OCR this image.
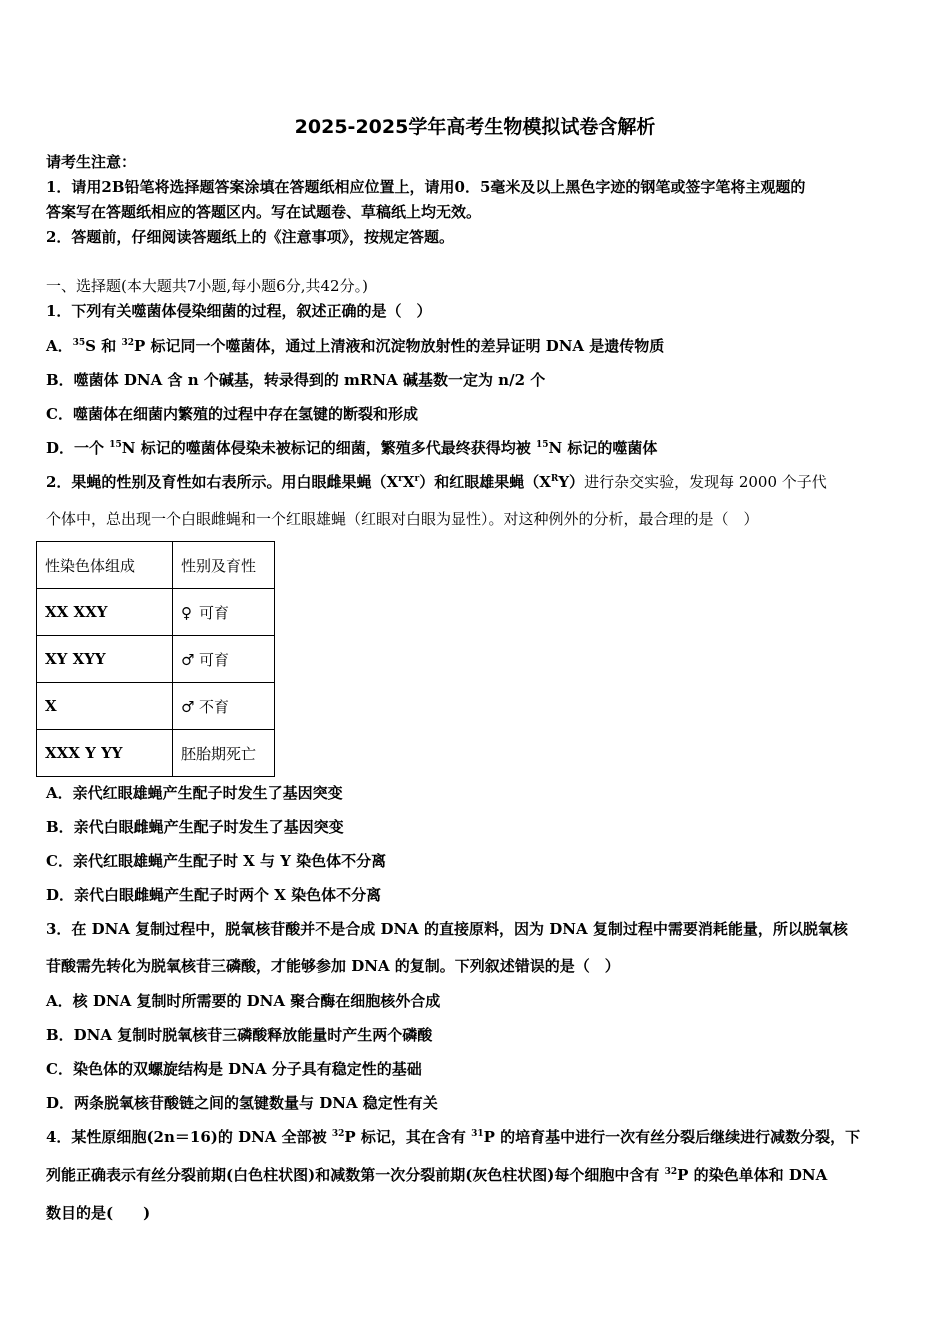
2025-2025学年高考生物模拟试卷含解析
请考生注意：
1．请用2B铅笔将选择题答案涂填在答题纸相应位置上，请用0．5毫米及以上黑色字迹的钢笔或签字笔将主观题的
答案写在答题纸相应的答题区内。写在试题卷、草稿纸上均无效。
2．答题前，仔细阅读答题纸上的《注意事项》，按规定答题。
一、选择题(本大题共7小题,每小题6分,共42分。)
1．下列有关噬菌体侵染细菌的过程，叙述正确的是（　）
A．$^{35}$S 和 $^{32}$P 标记同一个噬菌体，通过上清液和沉淀物放射性的差异证明 DNA 是遗传物质
B．噬菌体 DNA 含 n 个碱基，转录得到的 mRNA 碱基数一定为 n/2 个
C．噬菌体在细菌内繁殖的过程中存在氢键的断裂和形成
D．一个 $^{15}$N 标记的噬菌体侵染未被标记的细菌，繁殖多代最终获得均被 $^{15}$N 标记的噬菌体
2．果蝇的性别及育性如右表所示。用白眼雌果蝇$(X^rX^r)$和红眼雄果蝇$(X^RY)$进行杂交实验，发现每 2000 个子代
个体中，总出现一个白眼雌蝇和一个红眼雄蝇（红眼对白眼为显性）。对这种例外的分析，最合理的是（　）
性染色体组成	性别及育性
XX XXY	♀ 可育
XY XYY	♂ 可育
X	♂ 不育
XXX Y YY	胚胎期死亡
A．亲代红眼雄蝇产生配子时发生了基因突变
B．亲代白眼雌蝇产生配子时发生了基因突变
C．亲代红眼雄蝇产生配子时 X 与 Y 染色体不分离
D．亲代白眼雌蝇产生配子时两个 X 染色体不分离
3．在 DNA 复制过程中，脱氧核苷酸并不是合成 DNA 的直接原料，因为 DNA 复制过程中需要消耗能量，所以脱氧核
苷酸需先转化为脱氧核苷三磷酸，才能够参加 DNA 的复制。下列叙述错误的是（　）
A．核 DNA 复制时所需要的 DNA 聚合酶在细胞核外合成
B．DNA 复制时脱氧核苷三磷酸释放能量时产生两个磷酸
C．染色体的双螺旋结构是 DNA 分子具有稳定性的基础
D．两条脱氧核苷酸链之间的氢键数量与 DNA 稳定性有关
4．某性原细胞(2n＝16)的 DNA 全部被 $^{32}$P 标记，其在含有 $^{31}$P 的培育基中进行一次有丝分裂后继续进行减数分裂，下
列能正确表示有丝分裂前期(白色柱状图)和减数第一次分裂前期(灰色柱状图)每个细胞中含有 $^{32}$P 的染色单体和 DNA
数目的是(　　)
